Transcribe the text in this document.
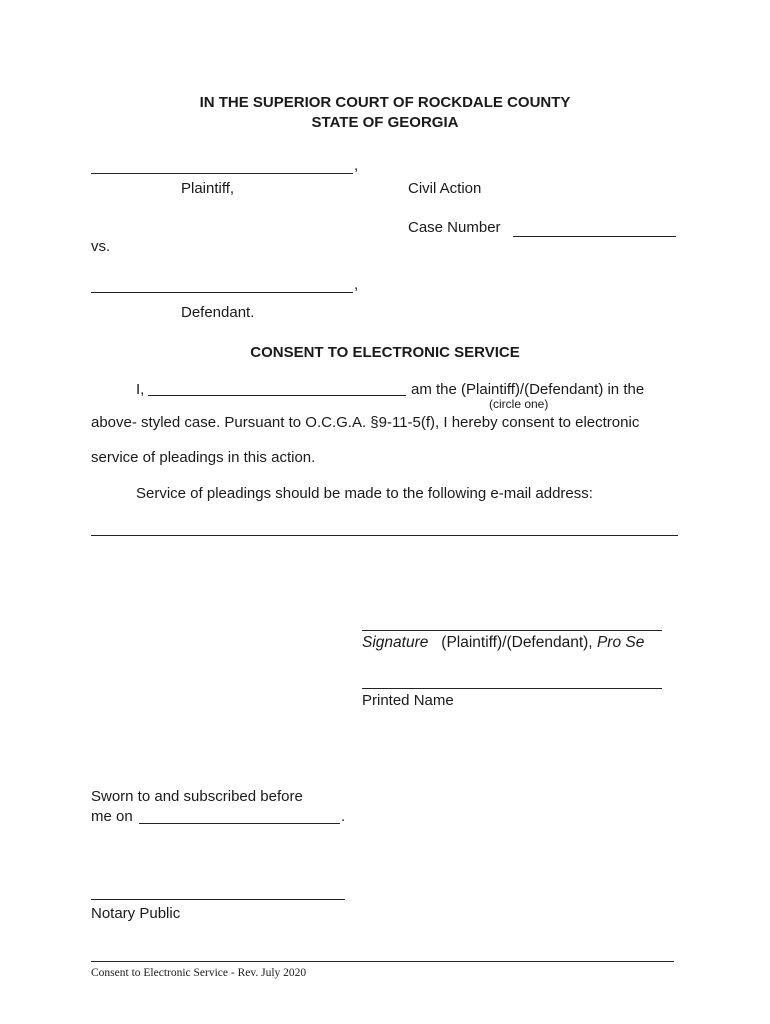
IN THE SUPERIOR COURT OF ROCKDALE COUNTY
STATE OF GEORGIA
,
Plaintiff,	Civil Action
Case Number
vs.
,
Defendant.
CONSENT TO ELECTRONIC SERVICE
I,	am the (Plaintiff)/(Defendant) in the
(circle one)
above- styled case. Pursuant to O.C.G.A. §9-11-5(f), I hereby consent to electronic
service of pleadings in this action.
Service of pleadings should be made to the following e-mail address:
Signature (Plaintiff)/(Defendant), Pro Se
Printed Name
Sworn to and subscribed before
me on	.
Notary Public
Consent to Electronic Service - Rev. July 2020
